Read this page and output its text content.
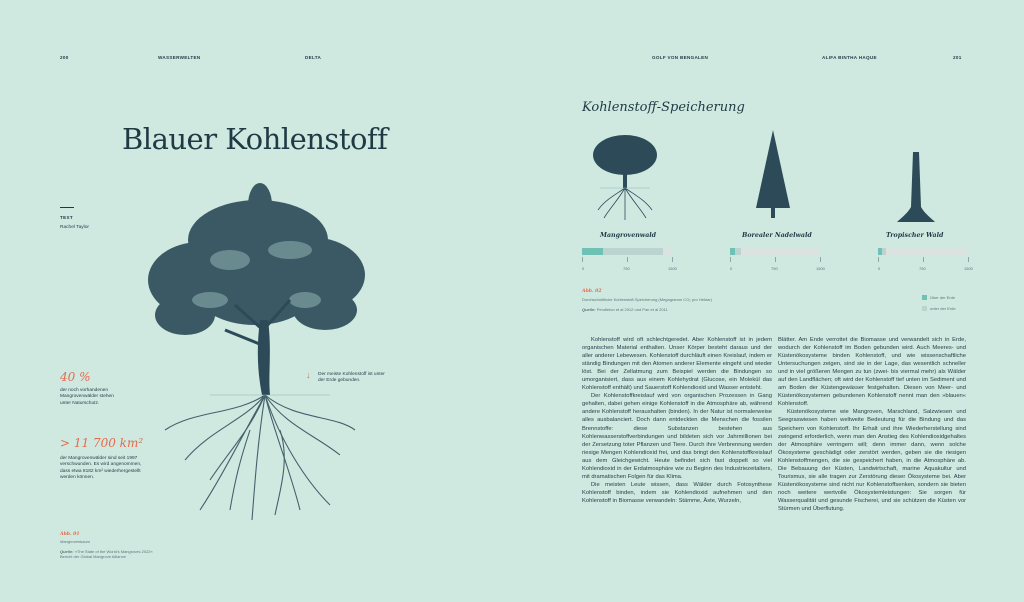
200	WASSERWELTEN	DELTA	GOLF VON BENGALEN	ALIFA BINTHA HAQUE	201
Blauer Kohlenstoff
TEXT
Rachel Taylor
40 %
der noch vorhandenen Mangrovenwälder stehen unter Naturschutz.
> 11 700 km²
der Mangrovenwälder sind seit 1997 verschwunden. Es wird angenommen, dass etwa 8182 km² wiederhergestellt werden können.
↓ Der meiste Kohlenstoff ist unter der Erde gebunden.
Abb. 01
Mangrovenbaum
Quelle: »The State of the World's Mangroves 2022« Bericht der Global Mangrove Alliance
Kohlenstoff-Speicherung
Mangrovenwald	Borealer Nadelwald	Tropischer Wald
0	750	1500	0	750	1500	0	750	1500
Abb. 02
Durchschnittliche Kohlenstoff-Speicherung (Megagramm CO₂ pro Hektar)
Quelle: Pendleton et al 2012 und Pan et al 2011
Über der Erde
unter der Erde

Kohlenstoff wird oft schlechtgeredet. Aber Kohlenstoff ist in jedem organischen Material enthalten. Unser Körper besteht daraus und der aller anderer Lebewesen. Kohlenstoff durchläuft einen Kreislauf, indem er ständig Bindungen mit den Atomen anderer Elemente eingeht und wieder löst. Bei der Zellatmung zum Beispiel werden die Bindungen so umorganisiert, dass aus einem Kohlehydrat (Glucose, ein Molekül das Kohlenstoff enthält) und Sauerstoff Kohlendioxid und Wasser entsteht.

Der Kohlenstoffkreislauf wird von organischen Prozessen in Gang gehalten, dabei gehen einige Kohlenstoff in die Atmosphäre ab, während andere Kohlenstoff heraushalten (binden). In der Natur ist normalerweise alles ausbalanciert. Doch dann entdeckten die Menschen die fossilen Brennstoffe: diese Substanzen bestehen aus Kohlenwasserstoffverbindungen und bildeten sich vor Jahrmillionen bei der Zersetzung toter Pflanzen und Tiere. Durch ihre Verbrennung werden riesige Mengen Kohlendioxid frei, und das bringt den Kohlenstoffkreislauf aus dem Gleichgewicht. Heute befindet sich fast doppelt so viel Kohlendioxid in der Erdatmosphäre wie zu Beginn des Industriezeitalters, mit dramatischen Folgen für das Klima.

Die meisten Leute wissen, dass Wälder durch Fotosynthese Kohlenstoff binden, indem sie Kohlendioxid aufnehmen und den Kohlenstoff in Biomasse verwandeln: Stämme, Äste, Wurzeln,

Blätter. Am Ende verrottet die Biomasse und verwandelt sich in Erde, wodurch der Kohlenstoff im Boden gebunden wird. Auch Meeres- und Küstenökosysteme binden Kohlenstoff, und wie wissenschaftliche Untersuchungen zeigen, sind sie in der Lage, das wesentlich schneller und in viel größeren Mengen zu tun (zwei- bis viermal mehr) als Wälder auf den Landflächen; oft wird der Kohlenstoff tief unten im Sediment und am Boden der Küstengewässer festgehalten. Diesen von Meer- und Küstenökosystemen gebundenen Kohlenstoff nennt man den »blauen« Kohlenstoff.

Küstenökosysteme wie Mangroven, Marschland, Salzwiesen und Seegraswiesen haben weltweite Bedeutung für die Bindung und das Speichern von Kohlenstoff. Ihr Erhalt und ihre Wiederherstellung sind zwingend erforderlich, wenn man den Anstieg des Kohlendioxidgehaltes der Atmosphäre verringern will; denn immer dann, wenn solche Ökosysteme geschädigt oder zerstört werden, geben sie die riesigen Kohlenstoffmengen, die sie gespeichert haben, in die Atmosphäre ab. Die Bebauung der Küsten, Landwirtschaft, marine Aquakultur und Tourismus, sie alle tragen zur Zerstörung dieser Ökosysteme bei. Aber Küstenökosysteme sind nicht nur Kohlenstoffsenken, sondern sie bieten noch weitere wertvolle Ökosystemleistungen: Sie sorgen für Wasserqualität und gesunde Fischerei, und sie schützen die Küsten vor Stürmen und Überflutung.
